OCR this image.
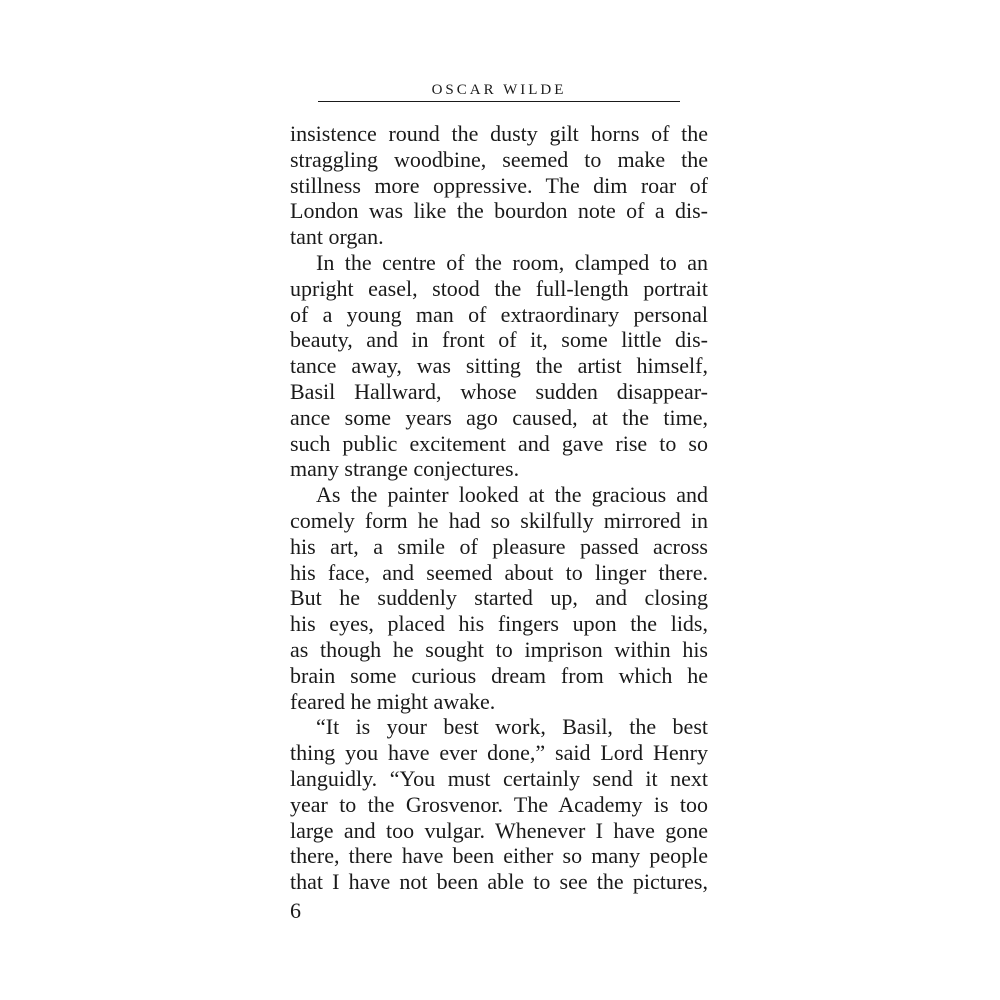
OSCAR WILDE

insistence round the dusty gilt horns of the
straggling woodbine, seemed to make the
stillness more oppressive. The dim roar of
London was like the bourdon note of a dis-
tant organ.
In the centre of the room, clamped to an
upright easel, stood the full-length portrait
of a young man of extraordinary personal
beauty, and in front of it, some little dis-
tance away, was sitting the artist himself,
Basil Hallward, whose sudden disappear-
ance some years ago caused, at the time,
such public excitement and gave rise to so
many strange conjectures.
As the painter looked at the gracious and
comely form he had so skilfully mirrored in
his art, a smile of pleasure passed across
his face, and seemed about to linger there.
But he suddenly started up, and closing
his eyes, placed his fingers upon the lids,
as though he sought to imprison within his
brain some curious dream from which he
feared he might awake.
“It is your best work, Basil, the best
thing you have ever done,” said Lord Henry
languidly. “You must certainly send it next
year to the Grosvenor. The Academy is too
large and too vulgar. Whenever I have gone
there, there have been either so many people
that I have not been able to see the pictures,

6
